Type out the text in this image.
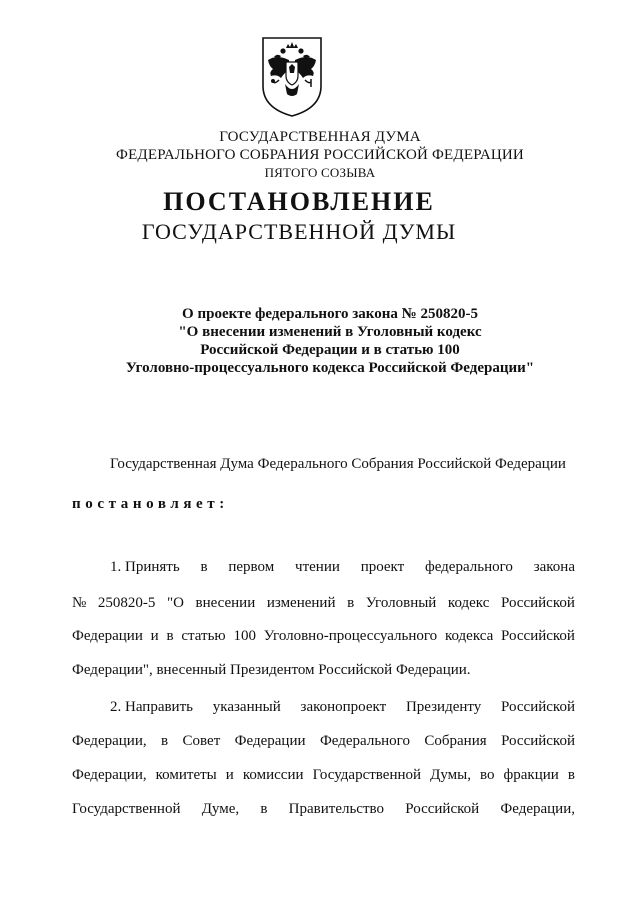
ГОСУДАРСТВЕННАЯ ДУМА
ФЕДЕРАЛЬНОГО СОБРАНИЯ РОССИЙСКОЙ ФЕДЕРАЦИИ
ПЯТОГО СОЗЫВА
ПОСТАНОВЛЕНИЕ
ГОСУДАРСТВЕННОЙ ДУМЫ
О проекте федерального закона № 250820-5
"О внесении изменений в Уголовный кодекс
Российской Федерации и в статью 100
Уголовно-процессуального кодекса Российской Федерации"
Государственная Дума Федерального Собрания Российской Федерации
постановляет:
1. Принять в первом чтении проект федерального закона
№ 250820-5 "О внесении изменений в Уголовный кодекс Российской
Федерации и в статью 100 Уголовно-процессуального кодекса Российской
Федерации", внесенный Президентом Российской Федерации.
2. Направить указанный законопроект Президенту Российской
Федерации, в Совет Федерации Федерального Собрания Российской
Федерации, комитеты и комиссии Государственной Думы, во фракции в
Государственной Думе, в Правительство Российской Федерации,
